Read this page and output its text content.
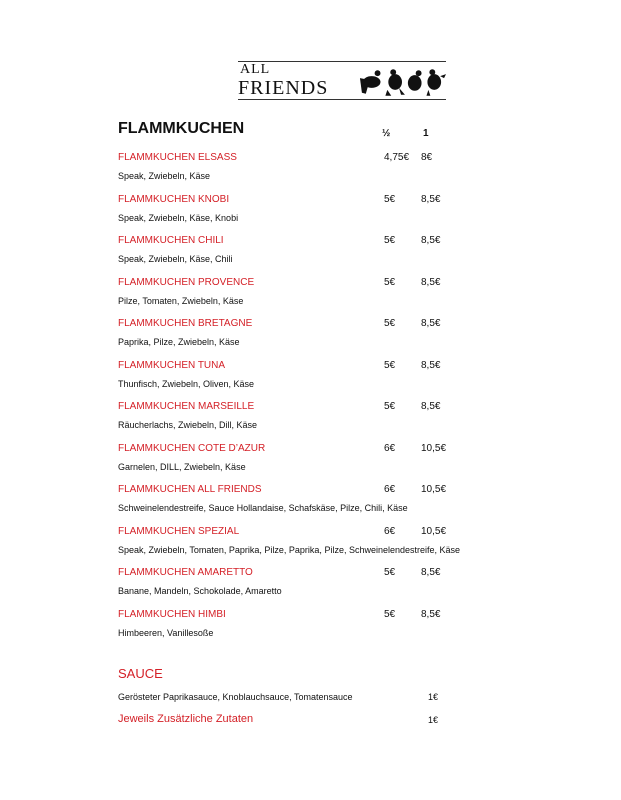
ALL
FRIENDS
FLAMMKUCHEN	½	1
FLAMMKUCHEN ELSASS
Speak, Zwiebeln, Käse
4,75€ 8€
FLAMMKUCHEN KNOBI
Speak, Zwiebeln, Käse, Knobi
5€	8,5€
FLAMMKUCHEN CHILI
Speak, Zwiebeln, Käse, Chili
5€	8,5€
FLAMMKUCHEN PROVENCE
Pilze, Tomaten, Zwiebeln, Käse
5€	8,5€
FLAMMKUCHEN BRETAGNE
Paprika, Pilze, Zwiebeln, Käse
5€	8,5€
FLAMMKUCHEN TUNA
Thunfisch, Zwiebeln, Oliven, Käse
5€	8,5€
FLAMMKUCHEN MARSEILLE
Räucherlachs, Zwiebeln, Dill, Käse
5€	8,5€
FLAMMKUCHEN COTE D’AZUR
Garnelen, DILL, Zwiebeln, Käse
6€	10,5€
FLAMMKUCHEN ALL FRIENDS
Schweinelendestreife, Sauce Hollandaise, Schafskäse, Pilze, Chili, Käse
6€	10,5€
FLAMMKUCHEN SPEZIAL
Speak, Zwiebeln, Tomaten, Paprika, Pilze, Paprika, Pilze, Schweinelendestreife, Käse
6€	10,5€
FLAMMKUCHEN AMARETTO
Banane, Mandeln, Schokolade, Amaretto
5€	8,5€
FLAMMKUCHEN HIMBI
Himbeeren, Vanillesoße
5€	8,5€
SAUCE
Gerösteter Paprikasauce, Knoblauchsauce, Tomatensauce	1€
Jeweils Zusätzliche Zutaten	1€
